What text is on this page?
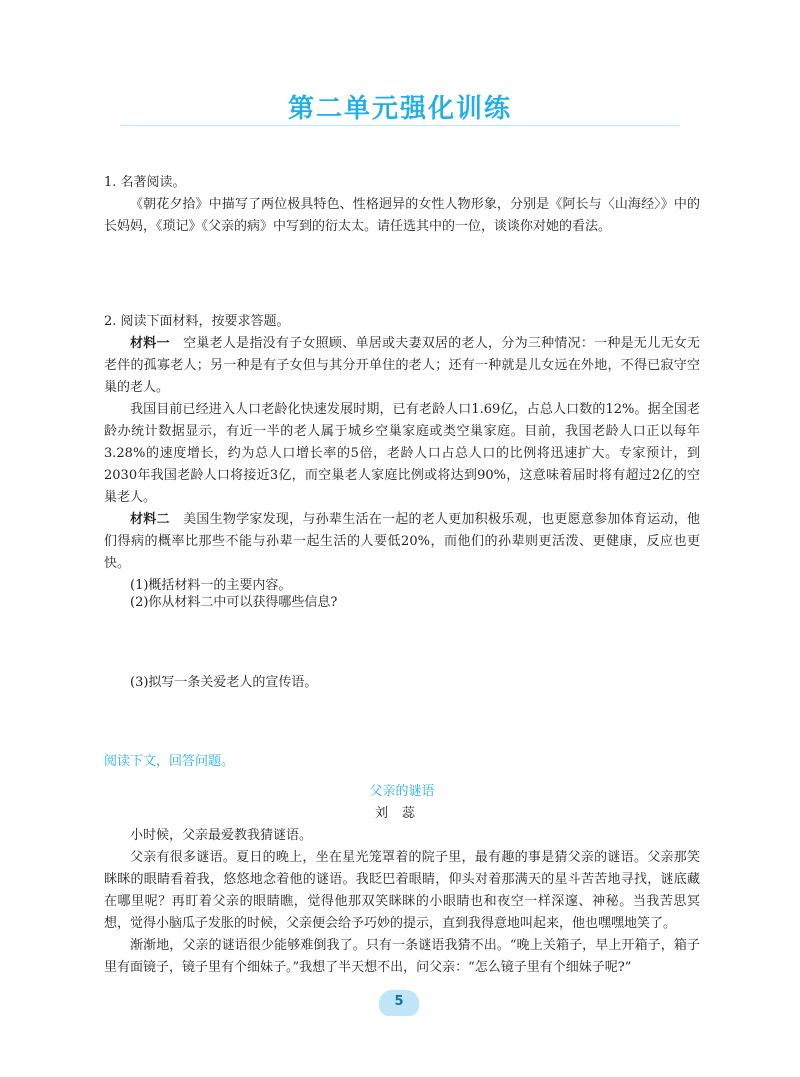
第二单元强化训练

1. 名著阅读。

《朝花夕拾》中描写了两位极具特色、性格迥异的女性人物形象，分别是《阿长与〈山海经〉》中的长妈妈，《琐记》《父亲的病》中写到的衍太太。请任选其中的一位，谈谈你对她的看法。

2. 阅读下面材料，按要求答题。

材料一　 空巢老人是指没有子女照顾、单居或夫妻双居的老人，分为三种情况：一种是无儿无女无老伴的孤寡老人；另一种是有子女但与其分开单住的老人；还有一种就是儿女远在外地，不得已寂守空巢的老人。

我国目前已经进入人口老龄化快速发展时期，已有老龄人口1.69亿，占总人口数的12%。据全国老龄办统计数据显示，有近一半的老人属于城乡空巢家庭或类空巢家庭。目前，我国老龄人口正以每年3.28%的速度增长，约为总人口增长率的5倍，老龄人口占总人口的比例将迅速扩大。专家预计，到2030年我国老龄人口将接近3亿，而空巢老人家庭比例或将达到90%，这意味着届时将有超过2亿的空巢老人。

材料二　 美国生物学家发现，与孙辈生活在一起的老人更加积极乐观，也更愿意参加体育运动，他们得病的概率比那些不能与孙辈一起生活的人要低20%，而他们的孙辈则更活泼、更健康，反应也更快。

(1)概括材料一的主要内容。

(2)你从材料二中可以获得哪些信息?

(3)拟写一条关爱老人的宣传语。

阅读下文，回答问题。

父亲的谜语

刘蕊

小时候，父亲最爱教我猜谜语。

父亲有很多谜语。夏日的晚上，坐在星光笼罩着的院子里，最有趣的事是猜父亲的谜语。父亲那笑眯眯的眼睛看着我，悠悠地念着他的谜语。我眨巴着眼睛，仰头对着那满天的星斗苦苦地寻找，谜底藏在哪里呢？再盯着父亲的眼睛瞧，觉得他那双笑眯眯的小眼睛也和夜空一样深邃、神秘。当我苦思冥想，觉得小脑瓜子发胀的时候，父亲便会给予巧妙的提示，直到我得意地叫起来，他也嘿嘿地笑了。

渐渐地，父亲的谜语很少能够难倒我了。只有一条谜语我猜不出。“晚上关箱子，早上开箱子，箱子里有面镜子，镜子里有个细妹子。”我想了半天想不出，问父亲：“怎么镜子里有个细妹子呢?”

5
